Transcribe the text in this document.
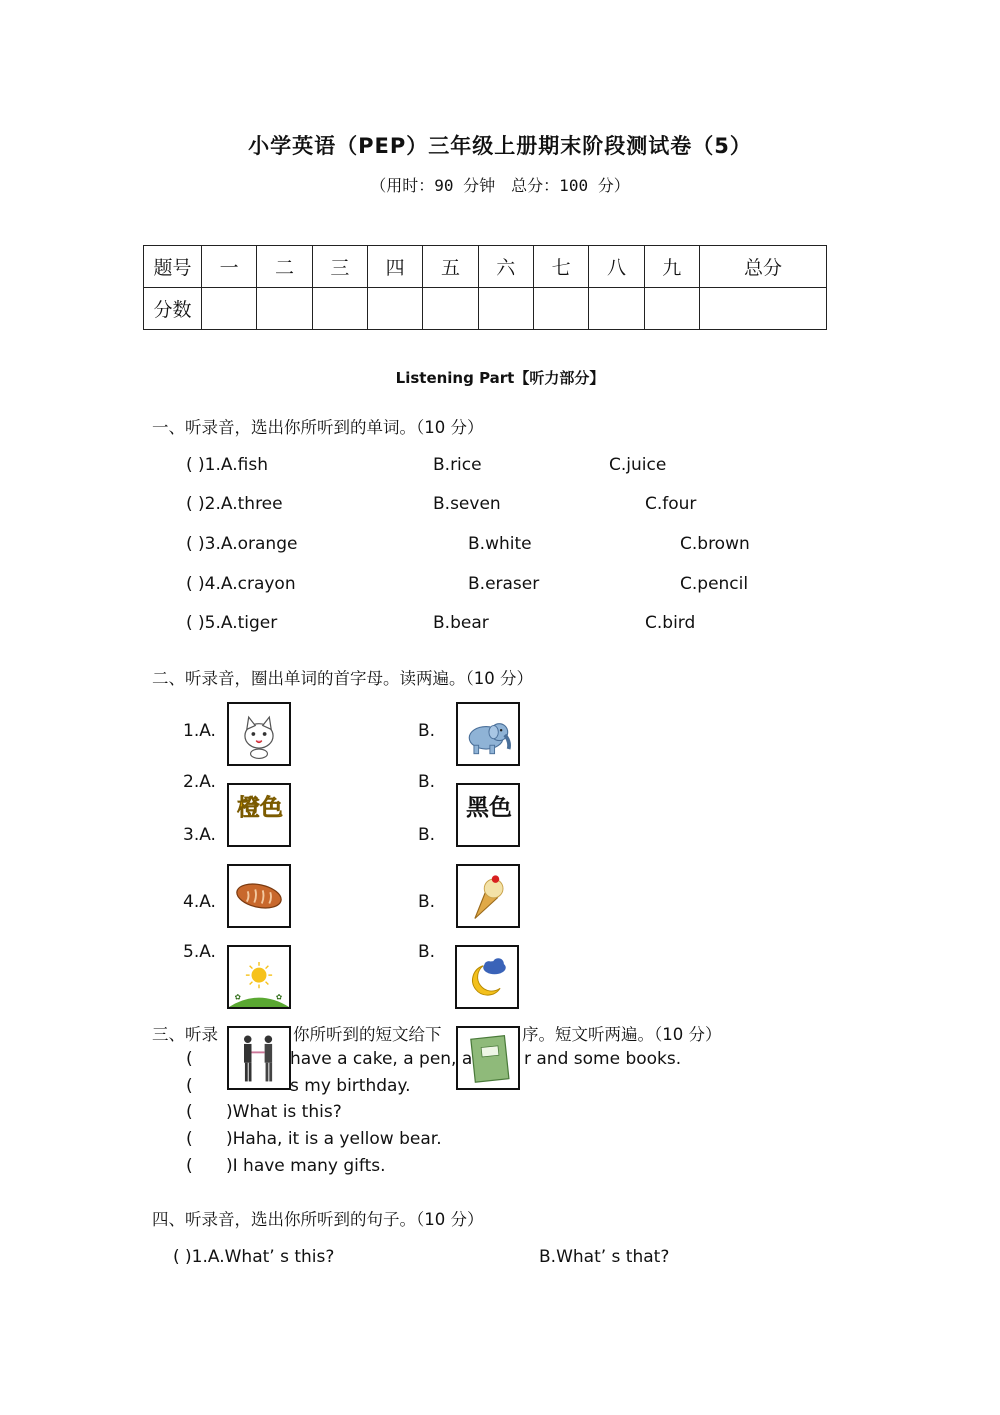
小学英语（PEP）三年级上册期末阶段测试卷（5）
（用时：90 分钟　总分：100 分）
题号	一	二	三	四	五	六	七	八	九	总分
分数										
Listening Part【听力部分】
一、听录音，选出你所听到的单词。（10 分）
( )1.A.fish	B.rice	C.juice
( )2.A.three	B.seven	C.four
( )3.A.orange	B.white	C.brown
( )4.A.crayon	B.eraser	C.pencil
( )5.A.tiger	B.bear	C.bird
二、听录音，圈出单词的首字母。读两遍。（10 分）
1.A.	B.
2.A.	B.
3.A.	B.
4.A.	B.
5.A.	B.
橙色	黑色
✿	✿
三、听录	你所听到的短文给下	序。短文听两遍。（10 分）
(	have a cake, a pen, a	r and some books.
(	s my birthday.
( )What is this?
( )Haha, it is a yellow bear.
( )I have many gifts.
四、听录音，选出你所听到的句子。（10 分）
( )1.A.What’ s this?	B.What’ s that?
